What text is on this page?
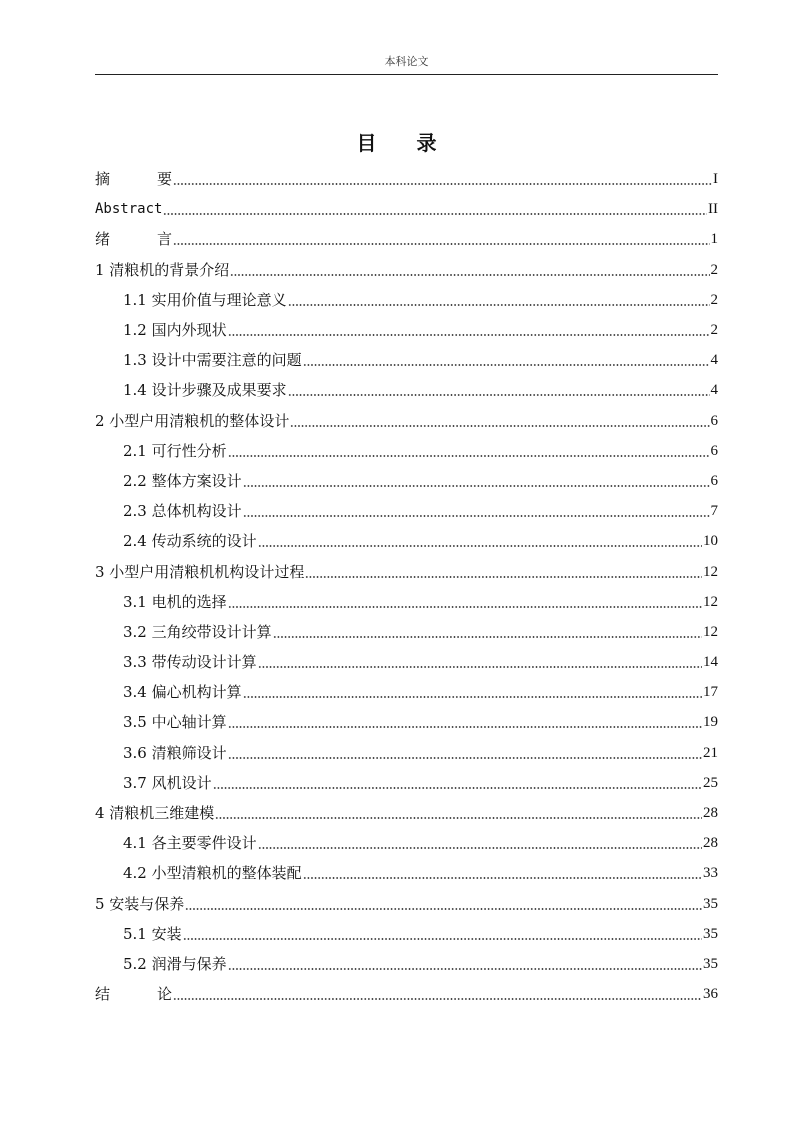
本科论文
目 录
摘	要	I
Abstract	II
绪	言	1
1 清粮机的背景介绍	2
1.1 实用价值与理论意义	2
1.2 国内外现状	2
1.3 设计中需要注意的问题	4
1.4 设计步骤及成果要求	4
2 小型户用清粮机的整体设计	6
2.1 可行性分析	6
2.2 整体方案设计	6
2.3 总体机构设计	7
2.4 传动系统的设计	10
3 小型户用清粮机机构设计过程	12
3.1 电机的选择	12
3.2 三角绞带设计计算	12
3.3 带传动设计计算	14
3.4 偏心机构计算	17
3.5 中心轴计算	19
3.6 清粮筛设计	21
3.7 风机设计	25
4 清粮机三维建模	28
4.1 各主要零件设计	28
4.2 小型清粮机的整体装配	33
5 安装与保养	35
5.1 安装	35
5.2 润滑与保养	35
结	论	36
